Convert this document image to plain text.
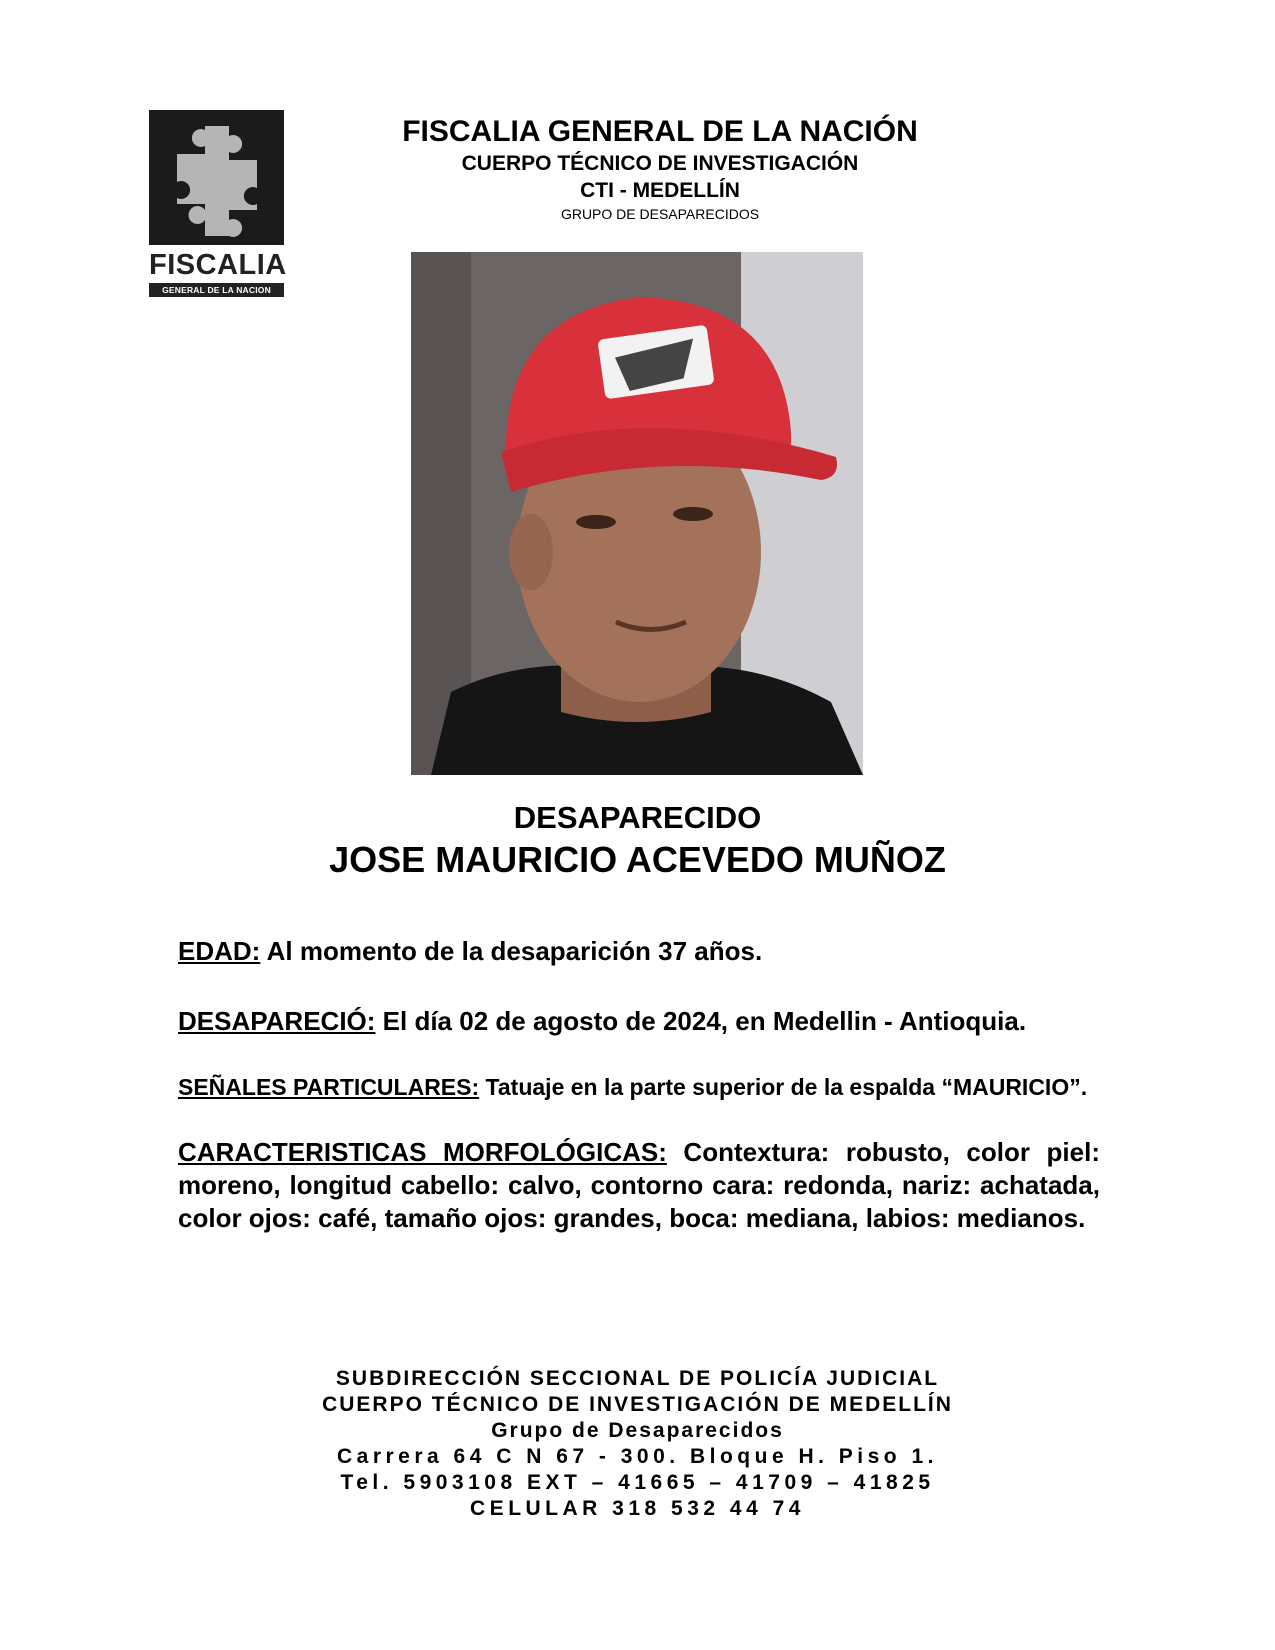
FISCALIA
GENERAL DE LA NACION
FISCALIA GENERAL DE LA NACIÓN
CUERPO TÉCNICO DE INVESTIGACIÓN
CTI - MEDELLÍN
GRUPO DE DESAPARECIDOS
DESAPARECIDO
JOSE MAURICIO ACEVEDO MUÑOZ

EDAD: Al momento de la desaparición 37 años.

DESAPARECIÓ: El día 02 de agosto de 2024, en Medellin - Antioquia.

SEÑALES PARTICULARES: Tatuaje en la parte superior de la espalda “MAURICIO”.

CARACTERISTICAS MORFOLÓGICAS: Contextura: robusto, color piel: moreno, longitud cabello: calvo, contorno cara: redonda, nariz: achatada, color ojos: café, tamaño ojos: grandes, boca: mediana, labios: medianos.

SUBDIRECCIÓN SECCIONAL DE POLICÍA JUDICIAL
CUERPO TÉCNICO DE INVESTIGACIÓN DE MEDELLÍN
Grupo de Desaparecidos
Carrera 64 C N 67 - 300. Bloque H. Piso 1.
Tel. 5903108 EXT – 41665 – 41709 – 41825
CELULAR 318 532 44 74
